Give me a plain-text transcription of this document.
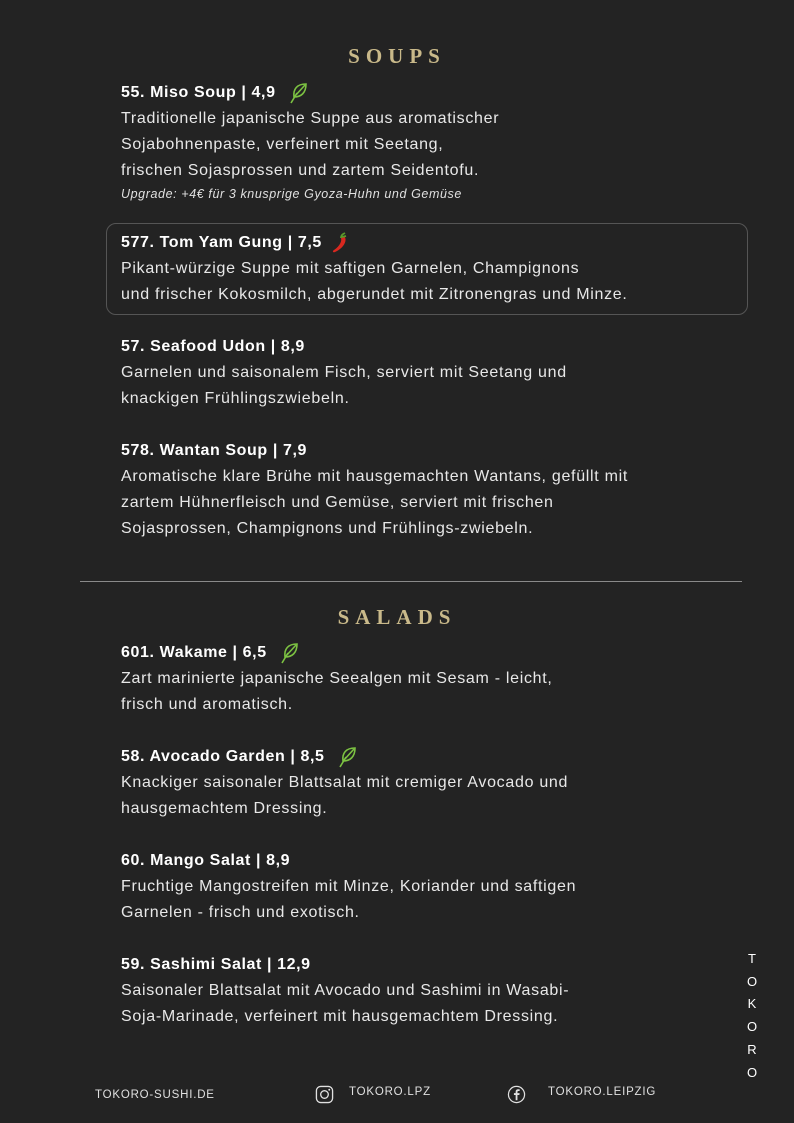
SOUPS
55. Miso Soup | 4,9
Traditionelle japanische Suppe aus aromatischer
Sojabohnenpaste, verfeinert mit Seetang,
frischen Sojasprossen und zartem Seidentofu.
Upgrade: +4€ für 3 knusprige Gyoza-Huhn und Gemüse
577. Tom Yam Gung | 7,5
Pikant-würzige Suppe mit saftigen Garnelen, Champignons
und frischer Kokosmilch, abgerundet mit Zitronengras und Minze.
57. Seafood Udon | 8,9
Garnelen und saisonalem Fisch, serviert mit Seetang und
knackigen Frühlingszwiebeln.
578. Wantan Soup | 7,9
Aromatische klare Brühe mit hausgemachten Wantans, gefüllt mit
zartem Hühnerfleisch und Gemüse, serviert mit frischen
Sojasprossen, Champignons und Frühlings-zwiebeln.
SALADS
601. Wakame | 6,5
Zart marinierte japanische Seealgen mit Sesam - leicht,
frisch und aromatisch.
58. Avocado Garden | 8,5
Knackiger saisonaler Blattsalat mit cremiger Avocado und
hausgemachtem Dressing.
60. Mango Salat | 8,9
Fruchtige Mangostreifen mit Minze, Koriander und saftigen
Garnelen - frisch und exotisch.
59. Sashimi Salat | 12,9
Saisonaler Blattsalat mit Avocado und Sashimi in Wasabi-
Soja-Marinade, verfeinert mit hausgemachtem Dressing.
T
O
K
O
R
O
TOKORO-SUSHI.DE	TOKORO.LPZ	TOKORO.LEIPZIG
